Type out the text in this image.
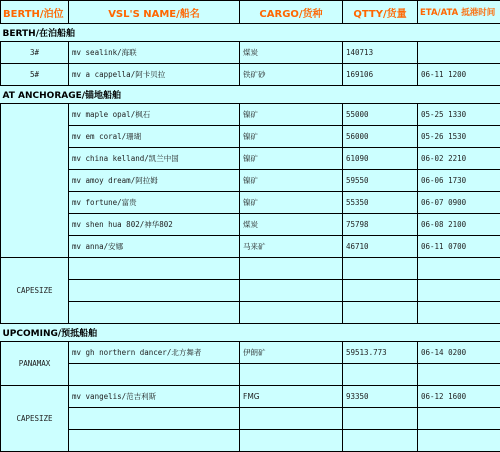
BERTH/泊位	VSL'S NAME/船名	CARGO/货种	QTTY/货量	ETA/ATA 抵港时间
BERTH/在泊船舶				
3#	mv sealink/海联	煤炭	140713	
5#	mv a cappella/阿卡贝拉	铁矿砂	169106	06-11 1200
AT ANCHORAGE/锚地船舶				
	mv maple opal/枫石	镍矿	55000	05-25 1330
	mv em coral/珊瑚	镍矿	56000	05-26 1530
	mv china kelland/凯兰中国	镍矿	61090	06-02 2210
	mv amoy dream/阿拉姆	镍矿	59550	06-06 1730
	mv fortune/富贵	镍矿	55350	06-07 0900
	mv shen hua 802/神华802	煤炭	75798	06-08 2100
	mv anna/安娜	马来矿	46710	06-11 0700
CAPESIZE				

UPCOMING/预抵船舶				
PANAMAX	mv gh northern dancer/北方舞者	伊朗矿	59513.773	06-14 0200

CAPESIZE	mv vangelis/范吉利斯	FMG	93350	06-12 1600
